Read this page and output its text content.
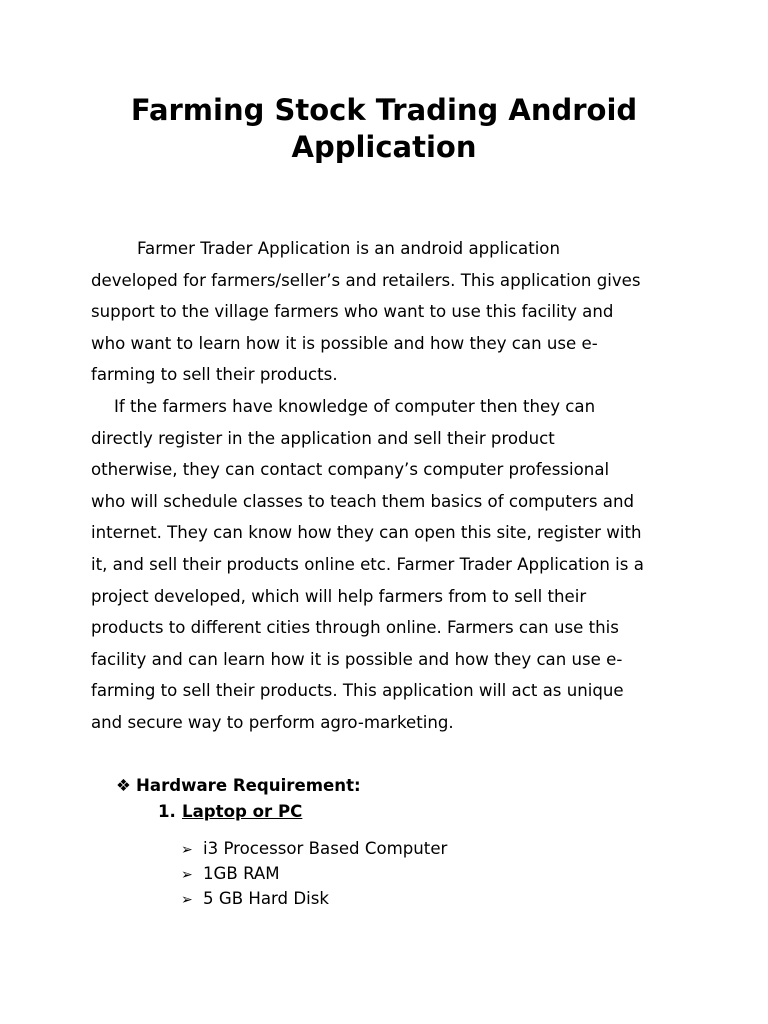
Farming Stock Trading Android
Application

Farmer Trader Application is an android application
developed for farmers/seller’s and retailers. This application gives
support to the village farmers who want to use this facility and
who want to learn how it is possible and how they can use e-
farming to sell their products.

If the farmers have knowledge of computer then they can
directly register in the application and sell their product
otherwise, they can contact company’s computer professional
who will schedule classes to teach them basics of computers and
internet. They can know how they can open this site, register with
it, and sell their products online etc. Farmer Trader Application is a
project developed, which will help farmers from to sell their
products to different cities through online. Farmers can use this
facility and can learn how it is possible and how they can use e-
farming to sell their products. This application will act as unique
and secure way to perform agro-marketing.

❖ Hardware Requirement:
1. Laptop or PC
➢ i3 Processor Based Computer
➢ 1GB RAM
➢ 5 GB Hard Disk
